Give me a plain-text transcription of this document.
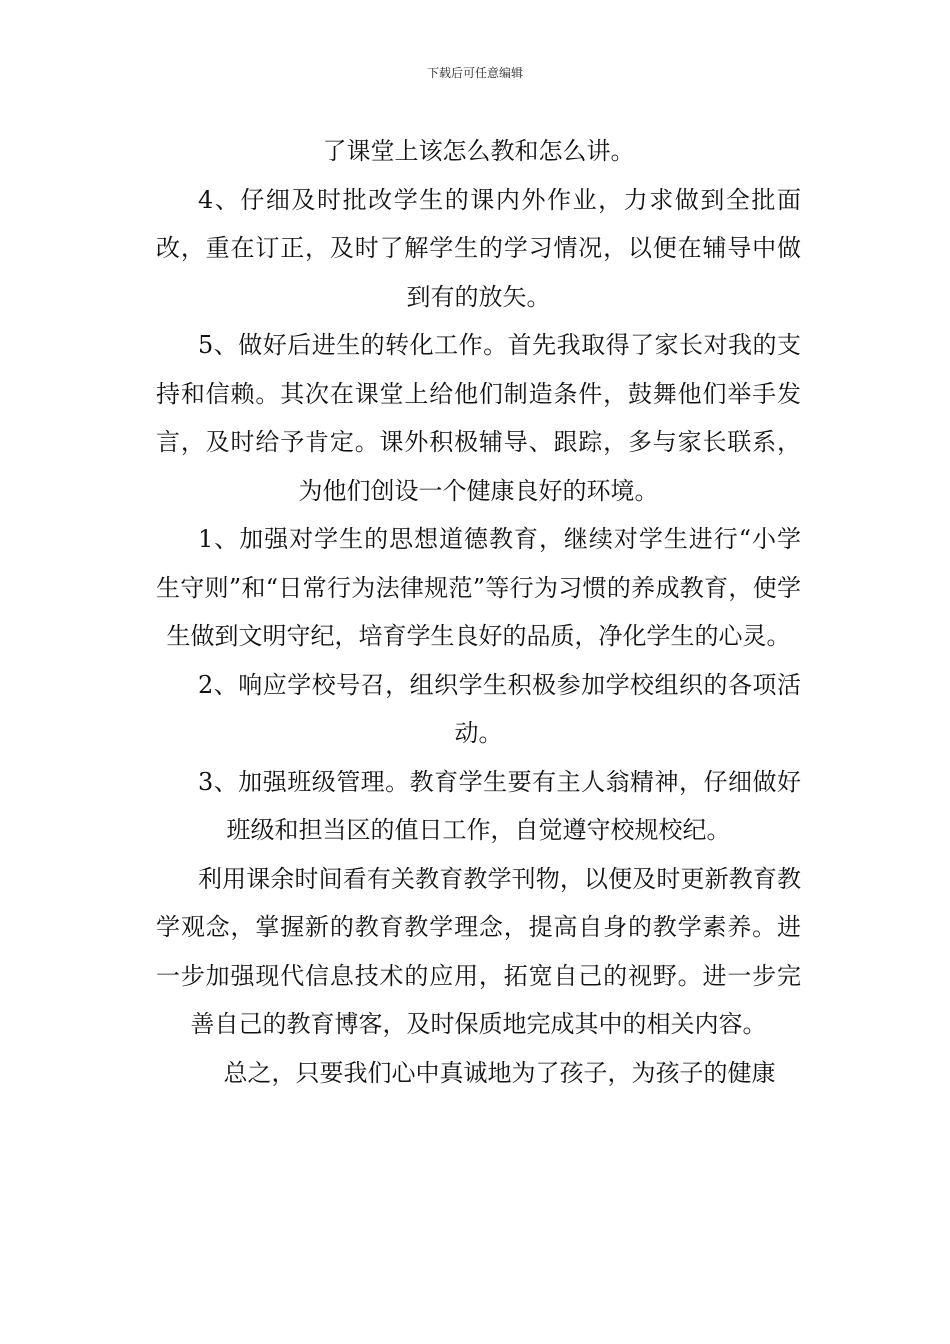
下载后可任意编辑

了课堂上该怎么教和怎么讲。

4、仔细及时批改学生的课内外作业，力求做到全批面改，重在订正，及时了解学生的学习情况，以便在辅导中做到有的放矢。

5、做好后进生的转化工作。首先我取得了家长对我的支持和信赖。其次在课堂上给他们制造条件，鼓舞他们举手发言，及时给予肯定。课外积极辅导、跟踪，多与家长联系，为他们创设一个健康良好的环境。

1、加强对学生的思想道德教育，继续对学生进行“小学生守则”和“日常行为法律规范”等行为习惯的养成教育，使学生做到文明守纪，培育学生良好的品质，净化学生的心灵。

2、响应学校号召，组织学生积极参加学校组织的各项活动。

3、加强班级管理。教育学生要有主人翁精神，仔细做好班级和担当区的值日工作，自觉遵守校规校纪。

利用课余时间看有关教育教学刊物，以便及时更新教育教学观念，掌握新的教育教学理念，提高自身的教学素养。进一步加强现代信息技术的应用，拓宽自己的视野。进一步完善自己的教育博客，及时保质地完成其中的相关内容。

总之，只要我们心中真诚地为了孩子，为孩子的健康
